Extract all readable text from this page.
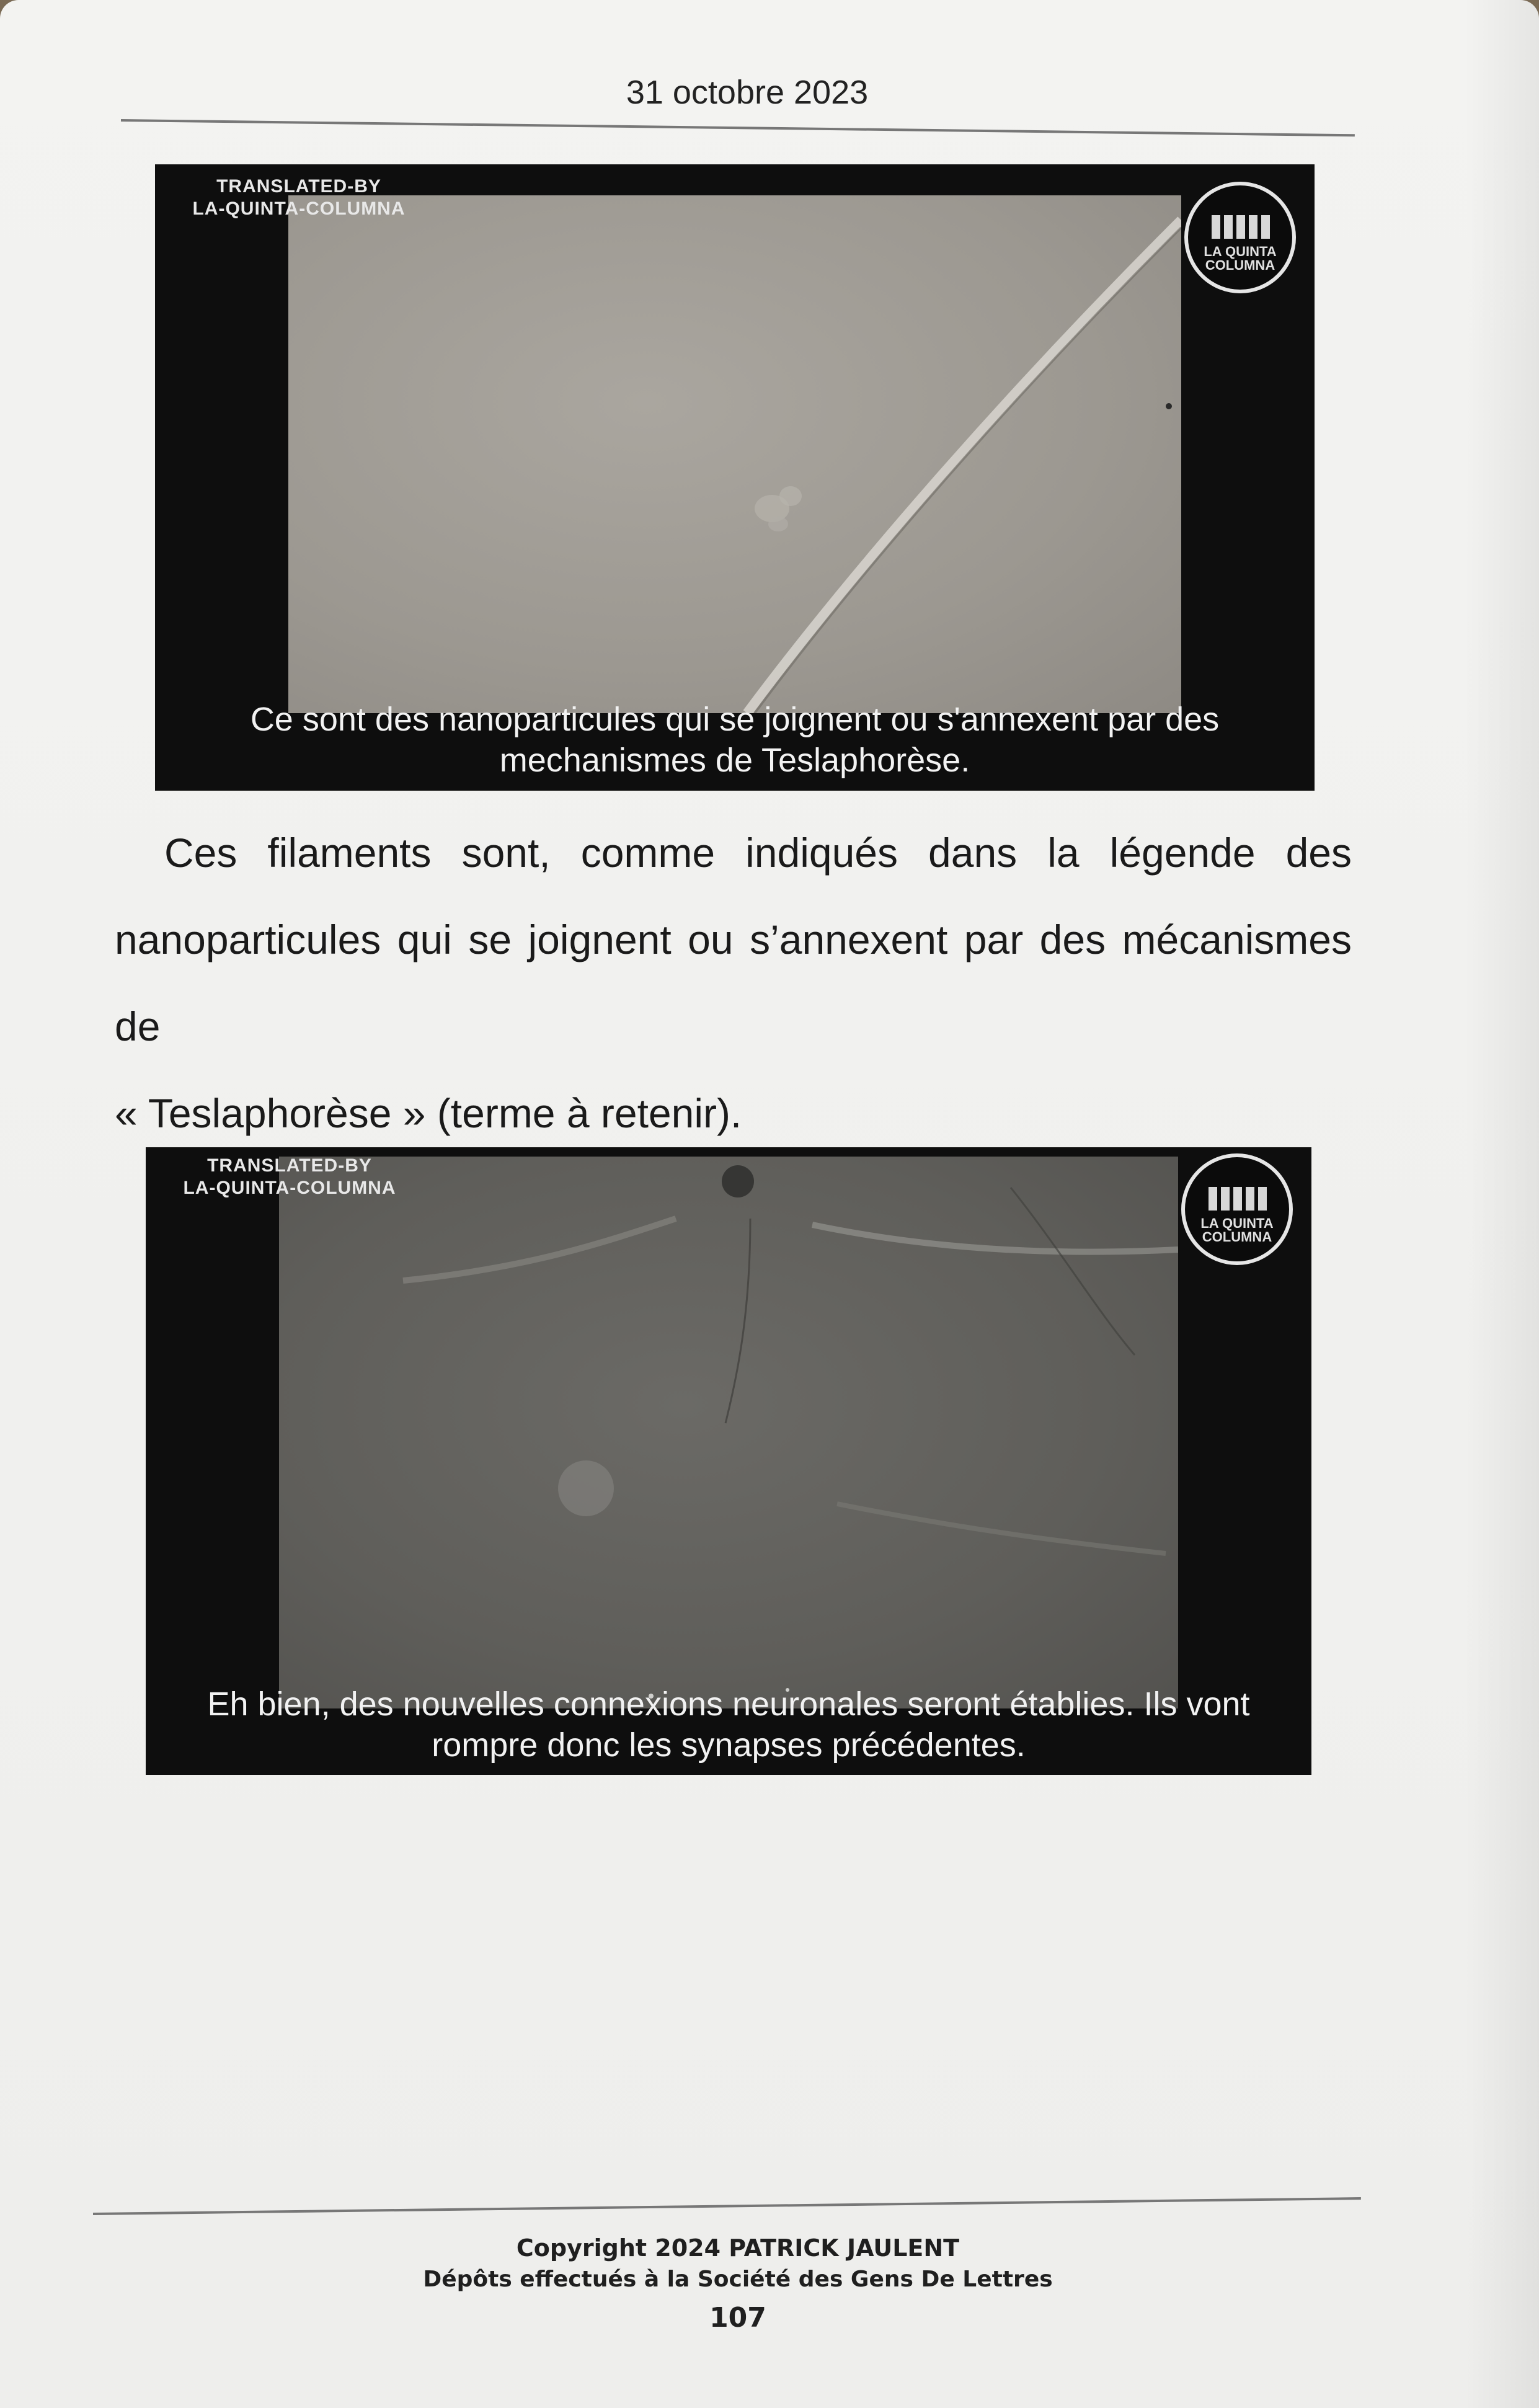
31 octobre 2023
TRANSLATED-BY
LA-QUINTA-COLUMNA
LA QUINTA
COLUMNA
Ce sont des nanoparticules qui se joignent ou s'annexent par des
mechanismes de Teslaphorèse.
Ces filaments sont, comme indiqués dans la légende des
nanoparticules qui se joignent ou s’annexent par des mécanismes de
« Teslaphorèse » (terme à retenir).
TRANSLATED-BY
LA-QUINTA-COLUMNA
LA QUINTA
COLUMNA
Eh bien, des nouvelles connexions neuronales seront établies. Ils vont
rompre donc les synapses précédentes.
Copyright 2024 PATRICK JAULENT
Dépôts effectués à la Société des Gens De Lettres
107
